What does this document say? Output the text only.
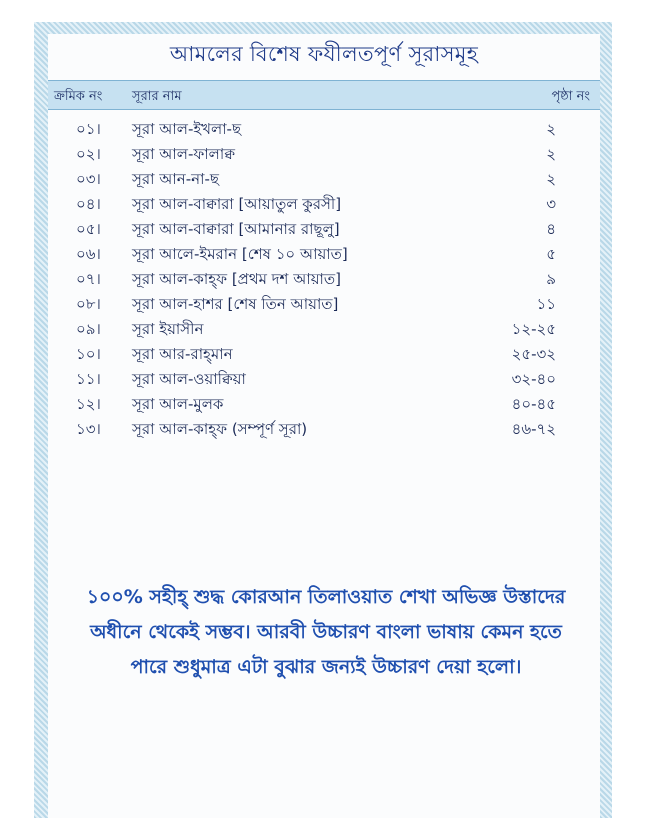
আমলের বিশেষ ফযীলতপূর্ণ সূরাসমূহ
ক্রমিক নং সূরার নাম	পৃষ্ঠা নং
০১। সূরা আল-ইখলা-ছ	২
০২। সূরা আল-ফালাক্ব	২
০৩। সূরা আন-না-ছ	২
০৪। সূরা আল-বাক্বারা [আয়াতুল কুরসী]	৩
০৫। সূরা আল-বাক্বারা [আমানার রাছূলু]	৪
০৬। সূরা আলে-ইমরান [শেষ ১০ আয়াত]	৫
০৭। সূরা আল-কাহ্ফ [প্রথম দশ আয়াত]	৯
০৮। সূরা আল-হাশর [শেষ তিন আয়াত]	১১
০৯। সূরা ইয়াসীন	১২-২৫
১০। সূরা আর-রাহ্‌মান	২৫-৩২
১১। সূরা আল-ওয়াক্বিয়া	৩২-৪০
১২। সূরা আল-মুলক	৪০-৪৫
১৩। সূরা আল-কাহ্ফ (সম্পূর্ণ সূরা)	৪৬-৭২
১০০% সহীহ্ শুদ্ধ কোরআন তিলাওয়াত শেখা অভিজ্ঞ উস্তাদের অধীনে থেকেই সম্ভব। আরবী উচ্চারণ বাংলা ভাষায় কেমন হতে পারে শুধুমাত্র এটা বুঝার জন্যই উচ্চারণ দেয়া হলো।
